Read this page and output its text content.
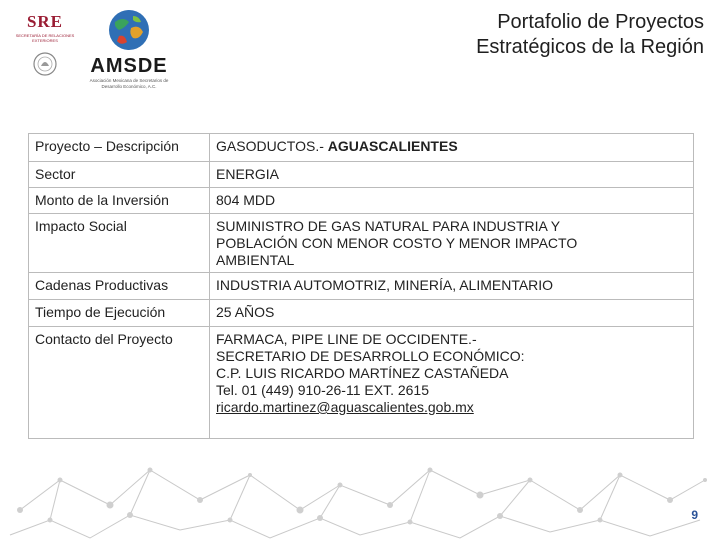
SRE
SECRETARÍA DE RELACIONES EXTERIORES
AMSDE
Asociación Mexicana de Secretarios de Desarrollo Económico, A.C.
Portafolio de Proyectos
Estratégicos de la Región
Proyecto – Descripción	GASODUCTOS.- AGUASCALIENTES
Sector	ENERGIA
Monto de la Inversión	804 MDD
Impacto Social	SUMINISTRO DE GAS NATURAL PARA INDUSTRIA Y POBLACIÓN CON MENOR COSTO Y MENOR IMPACTO AMBIENTAL
Cadenas Productivas	INDUSTRIA AUTOMOTRIZ, MINERÍA, ALIMENTARIO
Tiempo de Ejecución	25 AÑOS
Contacto del Proyecto	FARMACA, PIPE LINE DE OCCIDENTE.-
SECRETARIO DE DESARROLLO ECONÓMICO:
C.P. LUIS RICARDO MARTÍNEZ CASTAÑEDA
Tel. 01 (449) 910-26-11 EXT. 2615
ricardo.martinez@aguascalientes.gob.mx
9
